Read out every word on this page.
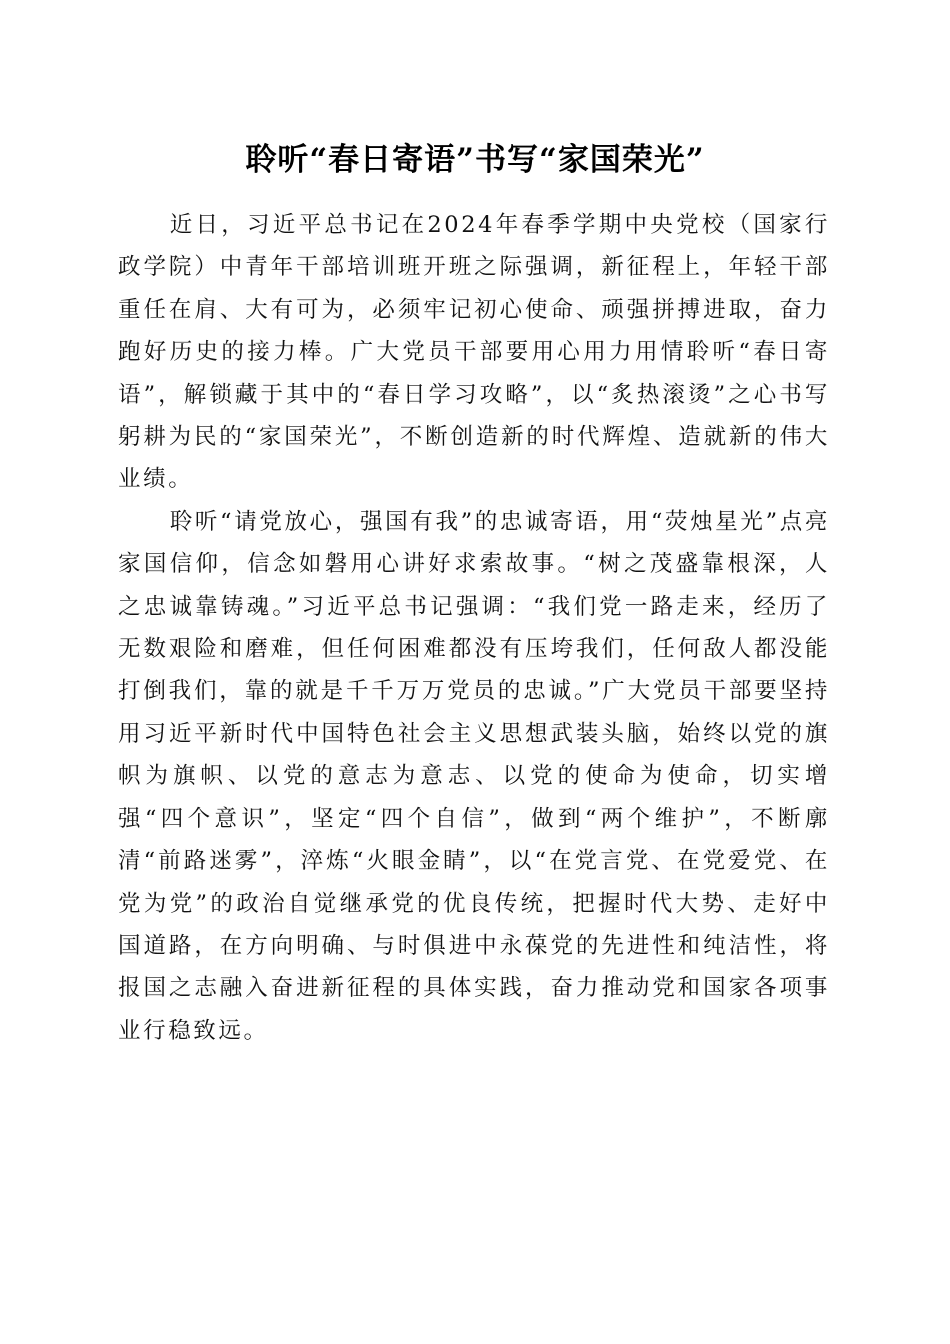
聆听“春日寄语”书写“家国荣光”

近日，习近平总书记在2024年春季学期中央党校（国家行政学院）中青年干部培训班开班之际强调，新征程上，年轻干部重任在肩、大有可为，必须牢记初心使命、顽强拼搏进取，奋力跑好历史的接力棒。广大党员干部要用心用力用情聆听“春日寄语”，解锁藏于其中的“春日学习攻略”，以“炙热滚烫”之心书写躬耕为民的“家国荣光”，不断创造新的时代辉煌、造就新的伟大业绩。

聆听“请党放心，强国有我”的忠诚寄语，用“荧烛星光”点亮家国信仰，信念如磐用心讲好求索故事。“树之茂盛靠根深，人之忠诚靠铸魂。”习近平总书记强调：“我们党一路走来，经历了无数艰险和磨难，但任何困难都没有压垮我们，任何敌人都没能打倒我们，靠的就是千千万万党员的忠诚。”广大党员干部要坚持用习近平新时代中国特色社会主义思想武装头脑，始终以党的旗帜为旗帜、以党的意志为意志、以党的使命为使命，切实增强“四个意识”，坚定“四个自信”，做到“两个维护”，不断廓清“前路迷雾”，淬炼“火眼金睛”，以“在党言党、在党爱党、在党为党”的政治自觉继承党的优良传统，把握时代大势、走好中国道路，在方向明确、与时俱进中永葆党的先进性和纯洁性，将报国之志融入奋进新征程的具体实践，奋力推动党和国家各项事业行稳致远。
